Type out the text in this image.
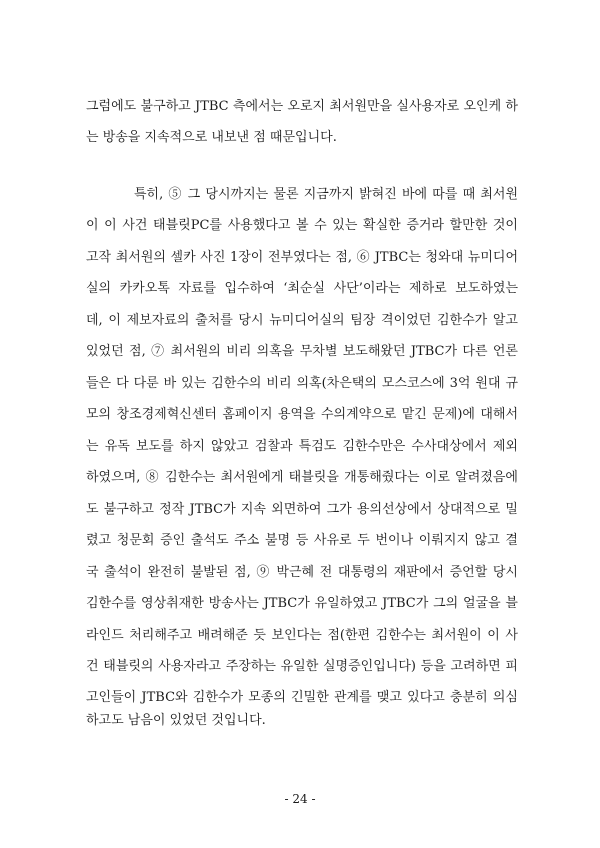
그럼에도 불구하고 JTBC 측에서는 오로지 최서원만을 실사용자로 오인케 하
는 방송을 지속적으로 내보낸 점 때문입니다.
특히, ⑤ 그 당시까지는 물론 지금까지 밝혀진 바에 따를 때 최서원
이 이 사건 태블릿PC를 사용했다고 볼 수 있는 확실한 증거라 할만한 것이
고작 최서원의 셀카 사진 1장이 전부였다는 점, ⑥ JTBC는 청와대 뉴미디어
실의 카카오톡 자료를 입수하여 ‘최순실 사단’이라는 제하로 보도하였는
데, 이 제보자료의 출처를 당시 뉴미디어실의 팀장 격이었던 김한수가 알고
있었던 점, ⑦ 최서원의 비리 의혹을 무차별 보도해왔던 JTBC가 다른 언론
들은 다 다룬 바 있는 김한수의 비리 의혹(차은택의 모스코스에 3억 원대 규
모의 창조경제혁신센터 홈페이지 용역을 수의계약으로 맡긴 문제)에 대해서
는 유독 보도를 하지 않았고 검찰과 특검도 김한수만은 수사대상에서 제외
하였으며, ⑧ 김한수는 최서원에게 태블릿을 개통해줬다는 이로 알려졌음에
도 불구하고 정작 JTBC가 지속 외면하여 그가 용의선상에서 상대적으로 밀
렸고 청문회 증인 출석도 주소 불명 등 사유로 두 번이나 이뤄지지 않고 결
국 출석이 완전히 불발된 점, ⑨ 박근혜 전 대통령의 재판에서 증언할 당시
김한수를 영상취재한 방송사는 JTBC가 유일하였고 JTBC가 그의 얼굴을 블
라인드 처리해주고 배려해준 듯 보인다는 점(한편 김한수는 최서원이 이 사
건 태블릿의 사용자라고 주장하는 유일한 실명증인입니다) 등을 고려하면 피
고인들이 JTBC와 김한수가 모종의 긴밀한 관계를 맺고 있다고 충분히 의심
하고도 남음이 있었던 것입니다.
- 24 -
